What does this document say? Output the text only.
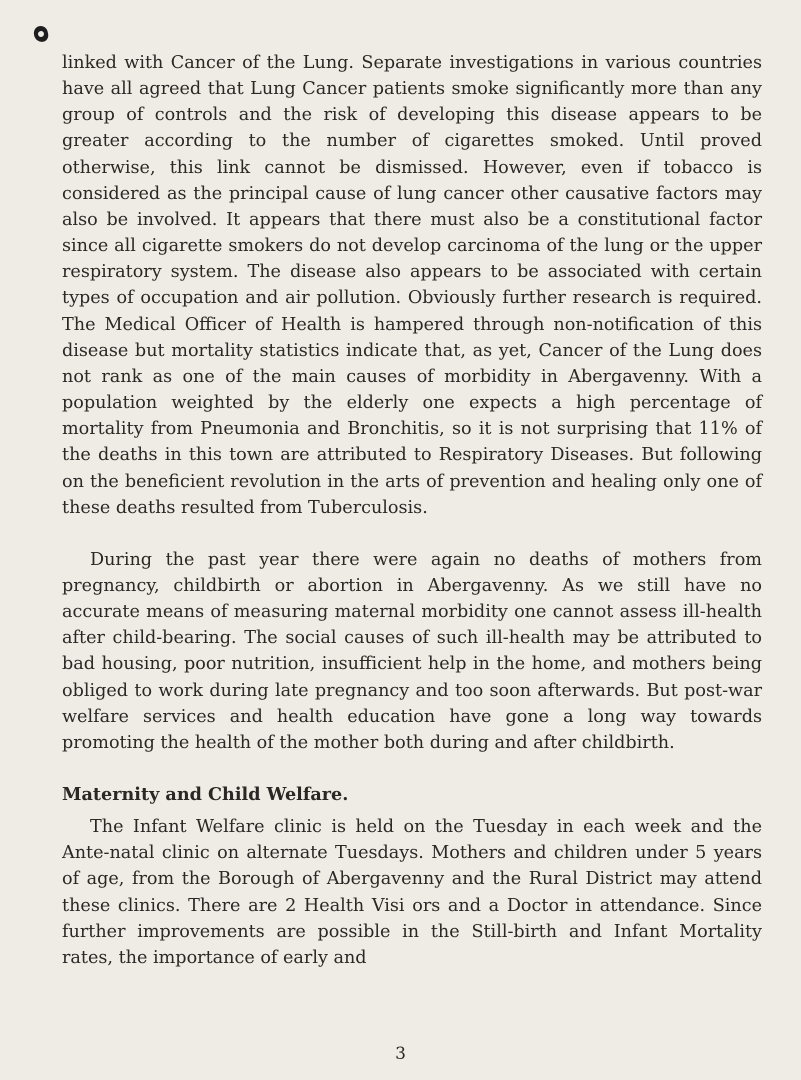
linked with Cancer of the Lung. Separate investigations in various countries have all agreed that Lung Cancer patients smoke significantly more than any group of controls and the risk of developing this disease appears to be greater according to the number of cigarettes smoked. Until proved otherwise, this link cannot be dismissed. However, even if tobacco is considered as the principal cause of lung cancer other causative factors may also be involved. It appears that there must also be a constitutional factor since all cigarette smokers do not develop carcinoma of the lung or the upper respiratory system. The disease also appears to be associated with certain types of occupation and air pollution. Obviously further research is required. The Medical Officer of Health is hampered through non-notification of this disease but mortality statistics indicate that, as yet, Cancer of the Lung does not rank as one of the main causes of morbidity in Abergavenny. With a population weighted by the elderly one expects a high percentage of mortality from Pneumonia and Bronchitis, so it is not surprising that 11% of the deaths in this town are attributed to Respiratory Diseases. But following on the beneficient revolution in the arts of prevention and healing only one of these deaths resulted from Tuberculosis.

During the past year there were again no deaths of mothers from pregnancy, childbirth or abortion in Abergavenny. As we still have no accurate means of measuring maternal morbidity one cannot assess ill-health after child-bearing. The social causes of such ill-health may be attributed to bad housing, poor nutrition, insufficient help in the home, and mothers being obliged to work during late pregnancy and too soon afterwards. But post-war welfare services and health education have gone a long way towards promoting the health of the mother both during and after childbirth.

Maternity and Child Welfare.

The Infant Welfare clinic is held on the Tuesday in each week and the Ante-natal clinic on alternate Tuesdays. Mothers and children under 5 years of age, from the Borough of Abergavenny and the Rural District may attend these clinics. There are 2 Health Visi ors and a Doctor in attendance. Since further improvements are possible in the Still-birth and Infant Mortality rates, the importance of early and

3
